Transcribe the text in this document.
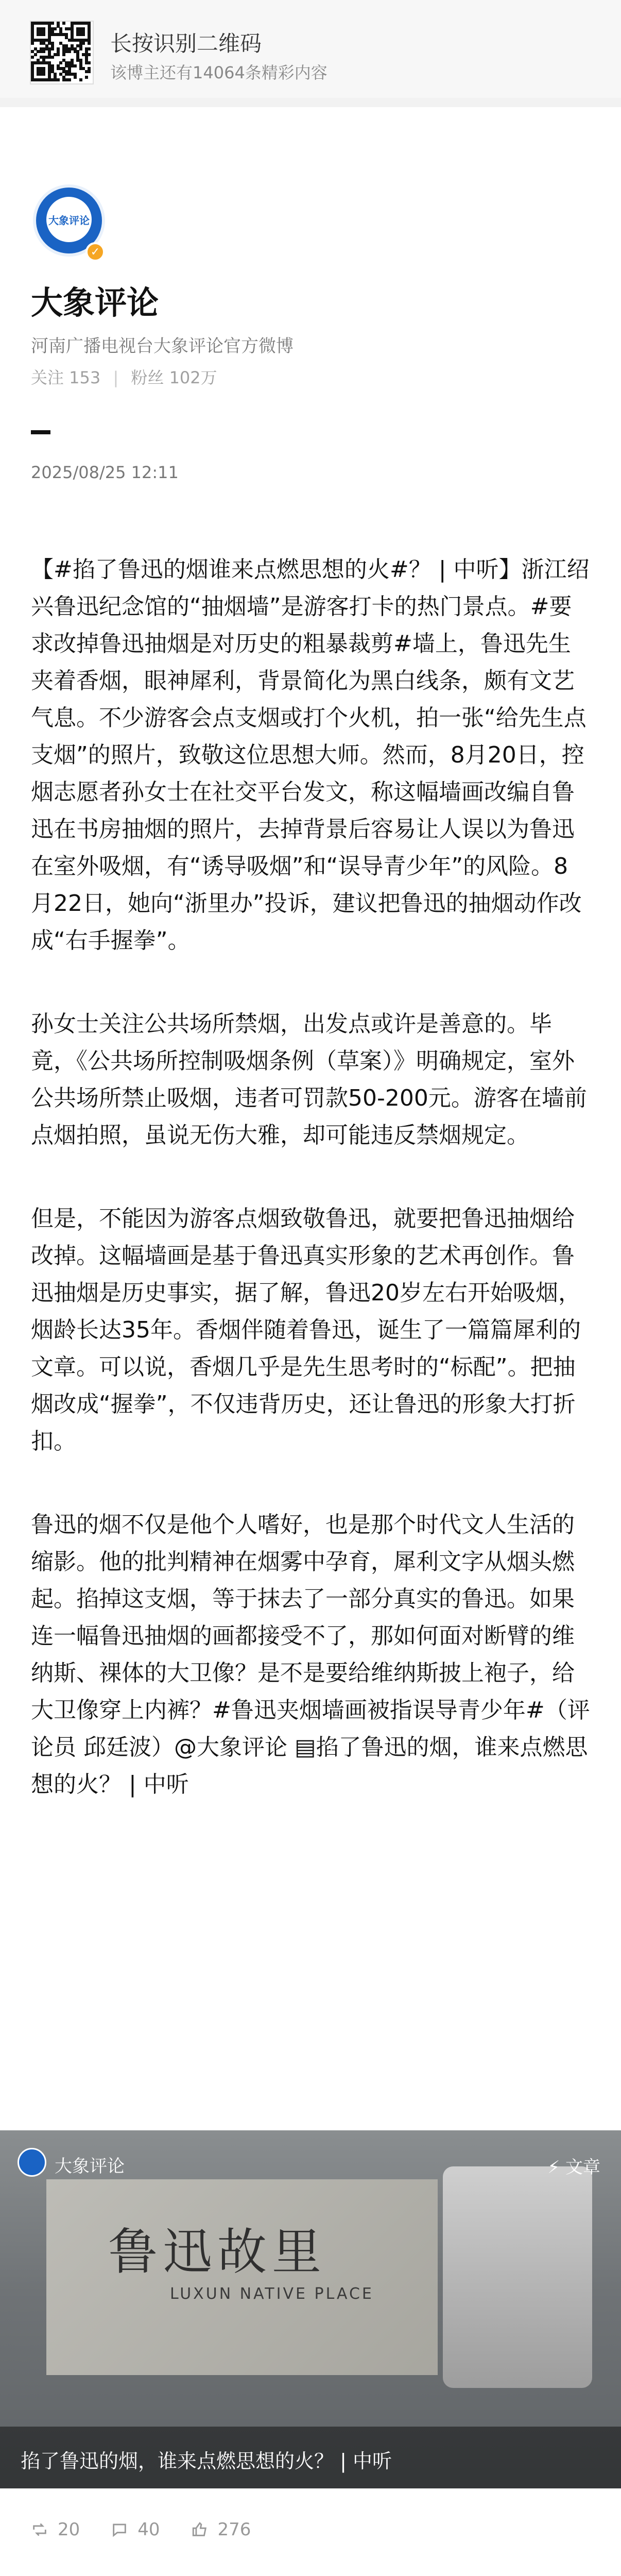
长按识别二维码
该博主还有14064条精彩内容
大象评论
✓
大象评论
河南广播电视台大象评论官方微博
关注 153 | 粉丝 102万
2025/08/25 12:11

【#掐了鲁迅的烟谁来点燃思想的火#？ | 中听】浙江绍兴鲁迅纪念馆的“抽烟墙”是游客打卡的热门景点。#要求改掉鲁迅抽烟是对历史的粗暴裁剪#墙上，鲁迅先生夹着香烟，眼神犀利，背景简化为黑白线条，颇有文艺气息。不少游客会点支烟或打个火机，拍一张“给先生点支烟”的照片，致敬这位思想大师。然而，8月20日，控烟志愿者孙女士在社交平台发文，称这幅墙画改编自鲁迅在书房抽烟的照片，去掉背景后容易让人误以为鲁迅在室外吸烟，有“诱导吸烟”和“误导青少年”的风险。8月22日，她向“浙里办”投诉，建议把鲁迅的抽烟动作改成“右手握拳”。

孙女士关注公共场所禁烟，出发点或许是善意的。毕竟，《公共场所控制吸烟条例（草案）》明确规定，室外公共场所禁止吸烟，违者可罚款50-200元。游客在墙前点烟拍照，虽说无伤大雅，却可能违反禁烟规定。

但是，不能因为游客点烟致敬鲁迅，就要把鲁迅抽烟给改掉。这幅墙画是基于鲁迅真实形象的艺术再创作。鲁迅抽烟是历史事实，据了解，鲁迅20岁左右开始吸烟，烟龄长达35年。香烟伴随着鲁迅，诞生了一篇篇犀利的文章。可以说，香烟几乎是先生思考时的“标配”。把抽烟改成“握拳”，不仅违背历史，还让鲁迅的形象大打折扣。

鲁迅的烟不仅是他个人嗜好，也是那个时代文人生活的缩影。他的批判精神在烟雾中孕育，犀利文字从烟头燃起。掐掉这支烟，等于抹去了一部分真实的鲁迅。如果连一幅鲁迅抽烟的画都接受不了，那如何面对断臂的维纳斯、裸体的大卫像？是不是要给维纳斯披上袍子，给大卫像穿上内裤？#鲁迅夹烟墙画被指误导青少年#（评论员 邱廷波）@大象评论 ▤掐了鲁迅的烟，谁来点燃思想的火？ | 中听

鲁迅故里
LUXUN NATIVE PLACE
大象评论	⚡ 文章
掐了鲁迅的烟，谁来点燃思想的火？ | 中听
20	40	276
